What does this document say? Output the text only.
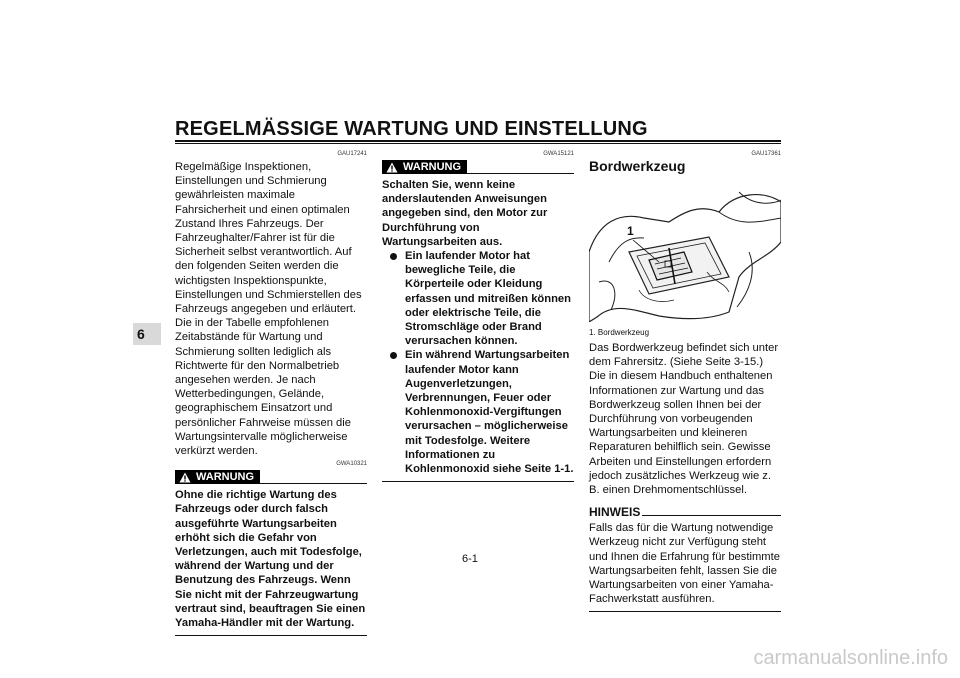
REGELMÄSSIGE WARTUNG UND EINSTELLUNG
6

GAU17241

Regelmäßige Inspektionen, Einstellungen und Schmierung gewährleisten maximale Fahrsicherheit und einen optimalen Zustand Ihres Fahrzeugs. Der Fahrzeughalter/Fahrer ist für die Sicherheit selbst verantwortlich. Auf den folgenden Seiten werden die wichtigsten Inspektionspunkte, Einstellungen und Schmierstellen des Fahrzeugs angegeben und erläutert.

Die in der Tabelle empfohlenen Zeitabstände für Wartung und Schmierung sollten lediglich als Richtwerte für den Normalbetrieb angesehen werden. Je nach Wetterbedingungen, Gelände, geographischem Einsatzort und persönlicher Fahrweise müssen die Wartungsintervalle möglicherweise verkürzt werden.

GWA10321

WARNUNG

Ohne die richtige Wartung des Fahrzeugs oder durch falsch ausgeführte Wartungsarbeiten erhöht sich die Gefahr von Verletzungen, auch mit Todesfolge, während der Wartung und der Benutzung des Fahrzeugs. Wenn Sie nicht mit der Fahrzeugwartung vertraut sind, beauftragen Sie einen Yamaha-Händler mit der Wartung.

GWA15121

WARNUNG

Schalten Sie, wenn keine anderslautenden Anweisungen angegeben sind, den Motor zur Durchführung von Wartungsarbeiten aus.

Ein laufender Motor hat bewegliche Teile, die Körperteile oder Kleidung erfassen und mitreißen können oder elektrische Teile, die Stromschläge oder Brand verursachen können.
Ein während Wartungsarbeiten laufender Motor kann Augenverletzungen, Verbrennungen, Feuer oder Kohlenmonoxid-Vergiftungen verursachen – möglicherweise mit Todesfolge. Weitere Informationen zu Kohlenmonoxid siehe Seite 1-1.

GAU17361

Bordwerkzeug
1

1. Bordwerkzeug

Das Bordwerkzeug befindet sich unter dem Fahrersitz. (Siehe Seite 3-15.)

Die in diesem Handbuch enthaltenen Informationen zur Wartung und das Bordwerkzeug sollen Ihnen bei der Durchführung von vorbeugenden Wartungsarbeiten und kleineren Reparaturen behilflich sein. Gewisse Arbeiten und Einstellungen erfordern jedoch zusätzliches Werkzeug wie z. B. einen Drehmomentschlüssel.

HINWEIS

Falls das für die Wartung notwendige Werkzeug nicht zur Verfügung steht und Ihnen die Erfahrung für bestimmte Wartungsarbeiten fehlt, lassen Sie die Wartungsarbeiten von einer Yamaha-Fachwerkstatt ausführen.

6-1
carmanualsonline.info
